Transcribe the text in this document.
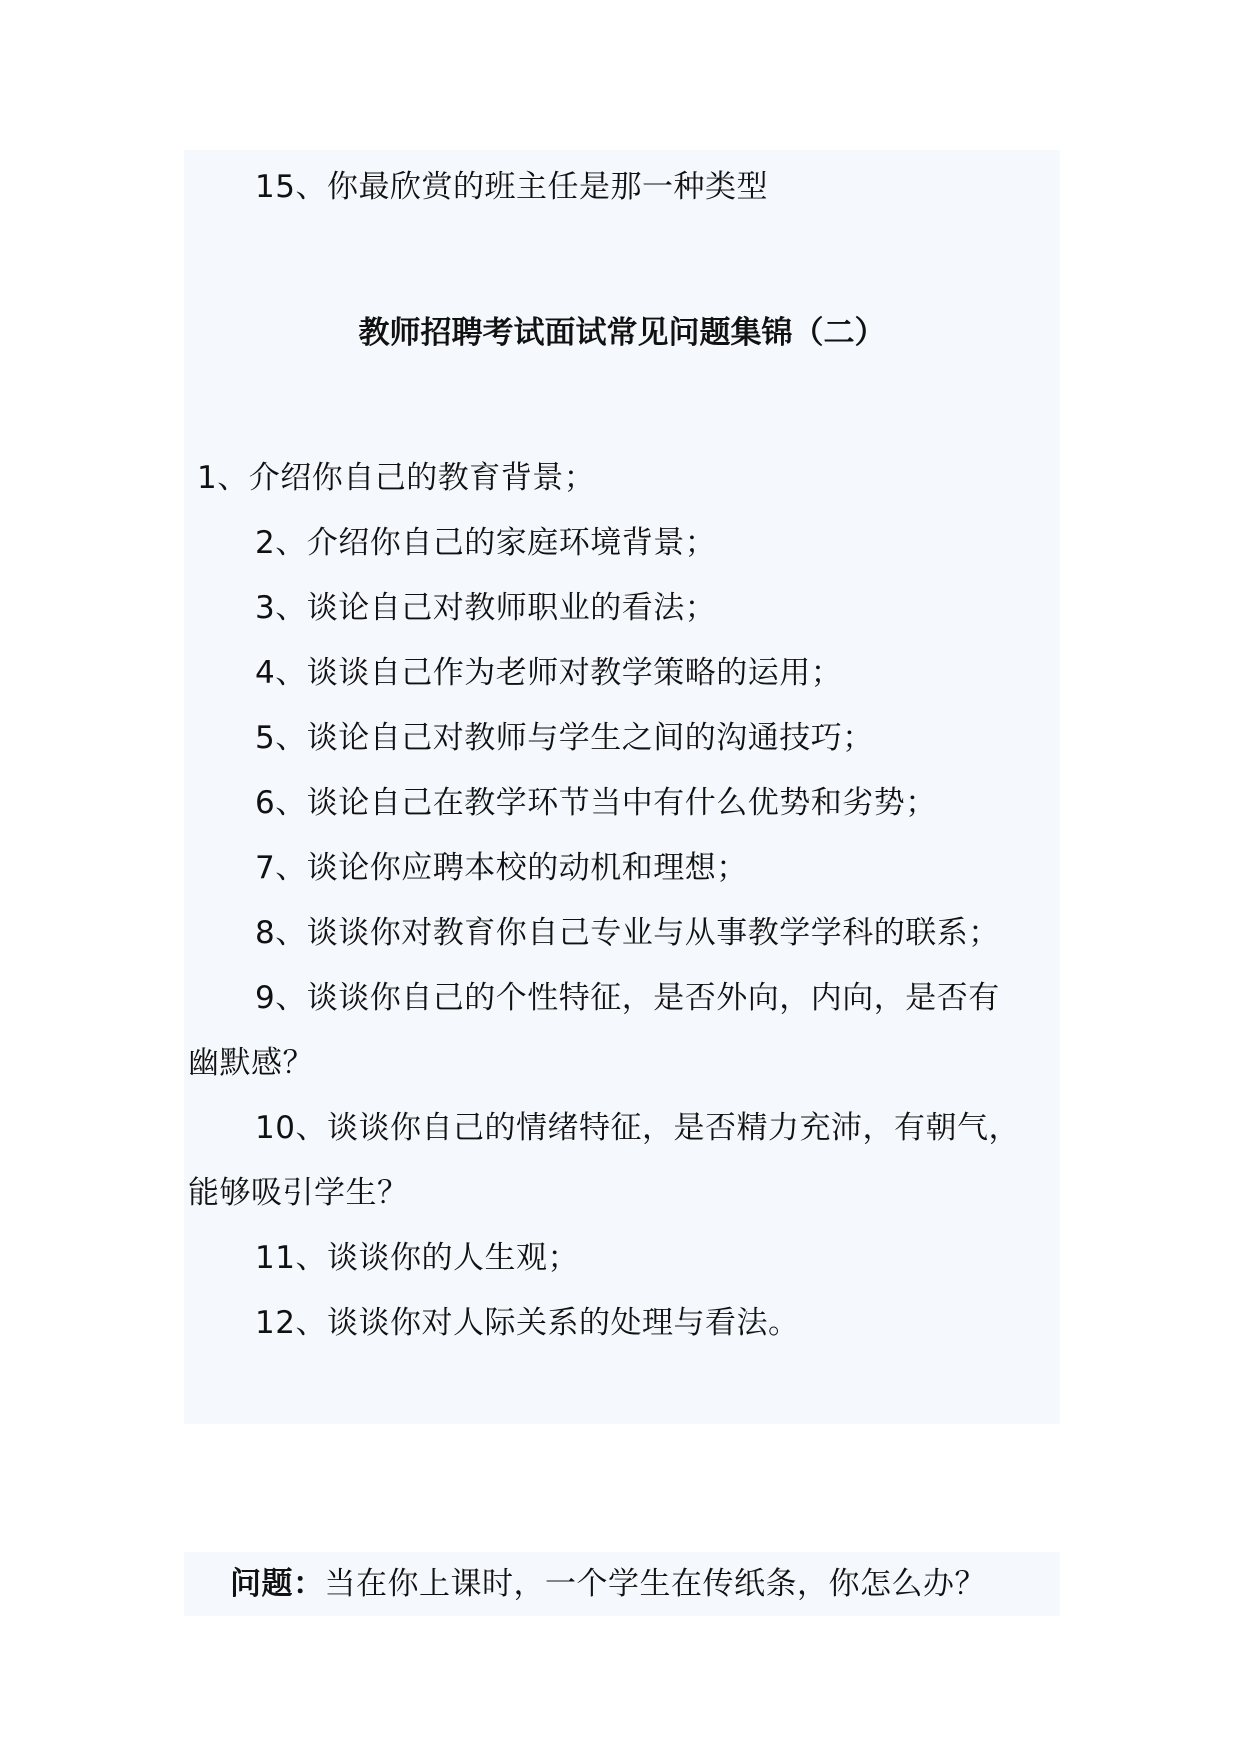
15、你最欣赏的班主任是那一种类型
教师招聘考试面试常见问题集锦（二）
1、介绍你自己的教育背景；
2、介绍你自己的家庭环境背景；
3、谈论自己对教师职业的看法；
4、谈谈自己作为老师对教学策略的运用；
5、谈论自己对教师与学生之间的沟通技巧；
6、谈论自己在教学环节当中有什么优势和劣势；
7、谈论你应聘本校的动机和理想；
8、谈谈你对教育你自己专业与从事教学学科的联系；
9、谈谈你自己的个性特征，是否外向，内向，是否有
幽默感？
10、谈谈你自己的情绪特征，是否精力充沛，有朝气，
能够吸引学生？
11、谈谈你的人生观；
12、谈谈你对人际关系的处理与看法。
问题：当在你上课时，一个学生在传纸条，你怎么办？
